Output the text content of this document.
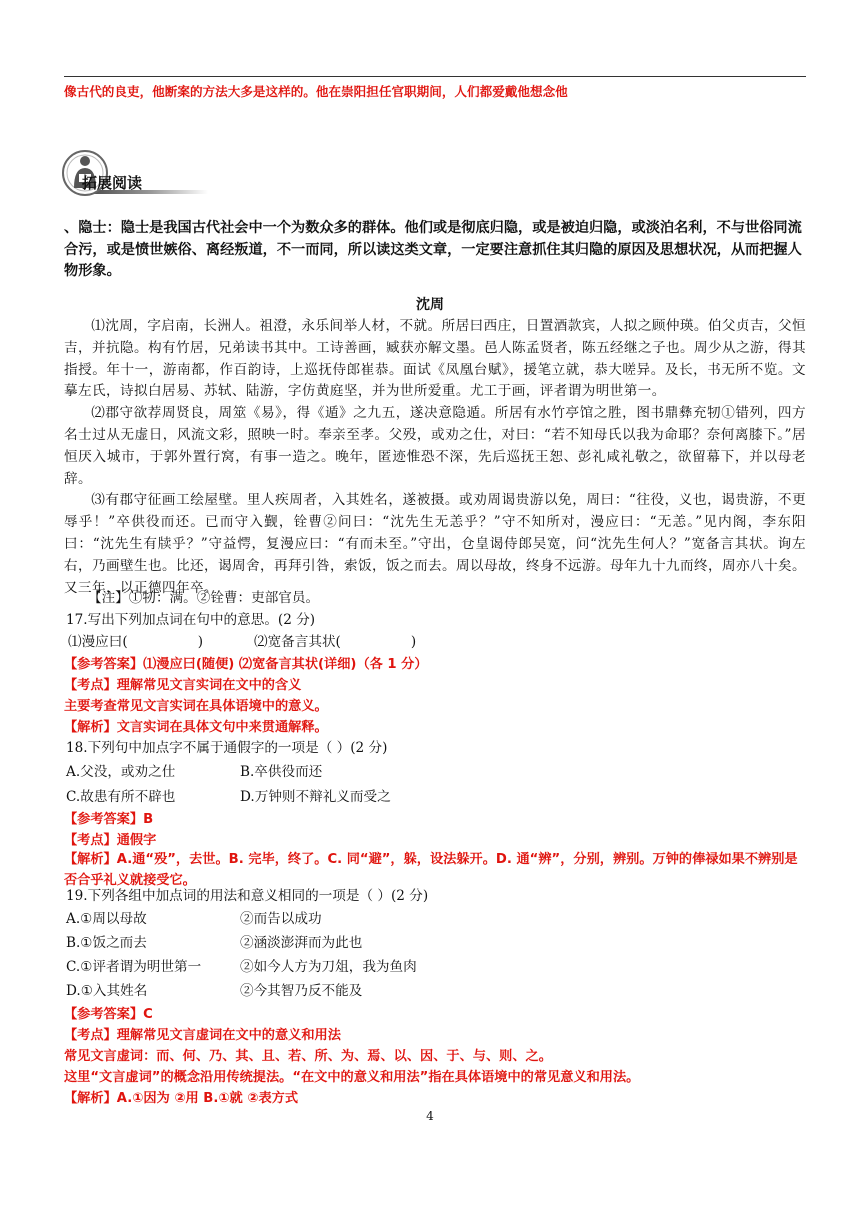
像古代的良吏，他断案的方法大多是这样的。他在崇阳担任官职期间，人们都爱戴他想念他
拓展阅读
、隐士：隐士是我国古代社会中一个为数众多的群体。他们或是彻底归隐，或是被迫归隐，或淡泊名利，不与世俗同流合污，或是愤世嫉俗、离经叛道，不一而同，所以读这类文章，一定要注意抓住其归隐的原因及思想状况，从而把握人物形象。
沈周

⑴沈周，字启南，长洲人。祖澄，永乐间举人材，不就。所居曰西庄，日置酒款宾，人拟之顾仲瑛。伯父贞吉，父恒吉，并抗隐。构有竹居，兄弟读书其中。工诗善画，臧获亦解文墨。邑人陈孟贤者，陈五经继之子也。周少从之游，得其指授。年十一，游南都，作百韵诗，上巡抚侍郎崔恭。面试《凤凰台赋》，援笔立就，恭大嗟异。及长，书无所不览。文摹左氏，诗拟白居易、苏轼、陆游，字仿黄庭坚，并为世所爱重。尤工于画，评者谓为明世第一。

⑵郡守欲荐周贤良，周筮《易》，得《遁》之九五，遂决意隐遁。所居有水竹亭馆之胜，图书鼎彝充牣①错列，四方名士过从无虚日，风流文彩，照映一时。奉亲至孝。父殁，或劝之仕，对曰：“若不知母氏以我为命耶？奈何离膝下。”居恒厌入城市，于郭外置行窝，有事一造之。晚年，匿迹惟恐不深，先后巡抚王恕、彭礼咸礼敬之，欲留幕下，并以母老辞。

⑶有郡守征画工绘屋壁。里人疾周者，入其姓名，遂被摄。或劝周谒贵游以免，周曰：“往役，义也，谒贵游，不更辱乎！”卒供役而还。已而守入觐，铨曹②问曰：“沈先生无恙乎？”守不知所对，漫应曰：“无恙。”见内阁，李东阳曰：“沈先生有牍乎？”守益愕，复漫应曰：“有而未至。”守出，仓皇谒侍郎吴宽，问“沈先生何人？”宽备言其状。询左右，乃画壁生也。比还，谒周舍，再拜引咎，索饭，饭之而去。周以母故，终身不远游。母年九十九而终，周亦八十矣。又三年，以正德四年卒。

【注】①牣：满。②铨曹：吏部官员。
17.写出下列加点词在句中的意思。(2 分)
⑴漫应曰(	)	⑵宽备言其状(	)
【参考答案】⑴漫应曰(随便) ⑵宽备言其状(详细)（各 1 分）
【考点】理解常见文言实词在文中的含义
主要考查常见文言实词在具体语境中的意义。
【解析】文言实词在具体文句中来贯通解释。
18.下列句中加点字不属于通假字的一项是（ ）(2 分)
A.父没，或劝之仕	B.卒供役而还
C.故患有所不辟也	D.万钟则不辩礼义而受之
【参考答案】B
【考点】通假字
【解析】A.通“殁”，去世。B. 完毕，终了。C. 同“避”，躲，设法躲开。D. 通“辨”，分别，辨别。万钟的俸禄如果不辨别是否合乎礼义就接受它。
19.下列各组中加点词的用法和意义相同的一项是（ ）(2 分)
A.①周以母故	②而告以成功
B.①饭之而去	②涵淡澎湃而为此也
C.①评者谓为明世第一	②如今人方为刀俎，我为鱼肉
D.①入其姓名	②今其智乃反不能及
【参考答案】C
【考点】理解常见文言虚词在文中的意义和用法
常见文言虚词：而、何、乃、其、且、若、所、为、焉、以、因、于、与、则、之。
这里“文言虚词”的概念沿用传统提法。“在文中的意义和用法”指在具体语境中的常见意义和用法。
【解析】A.①因为 ②用 B.①就 ②表方式
4
